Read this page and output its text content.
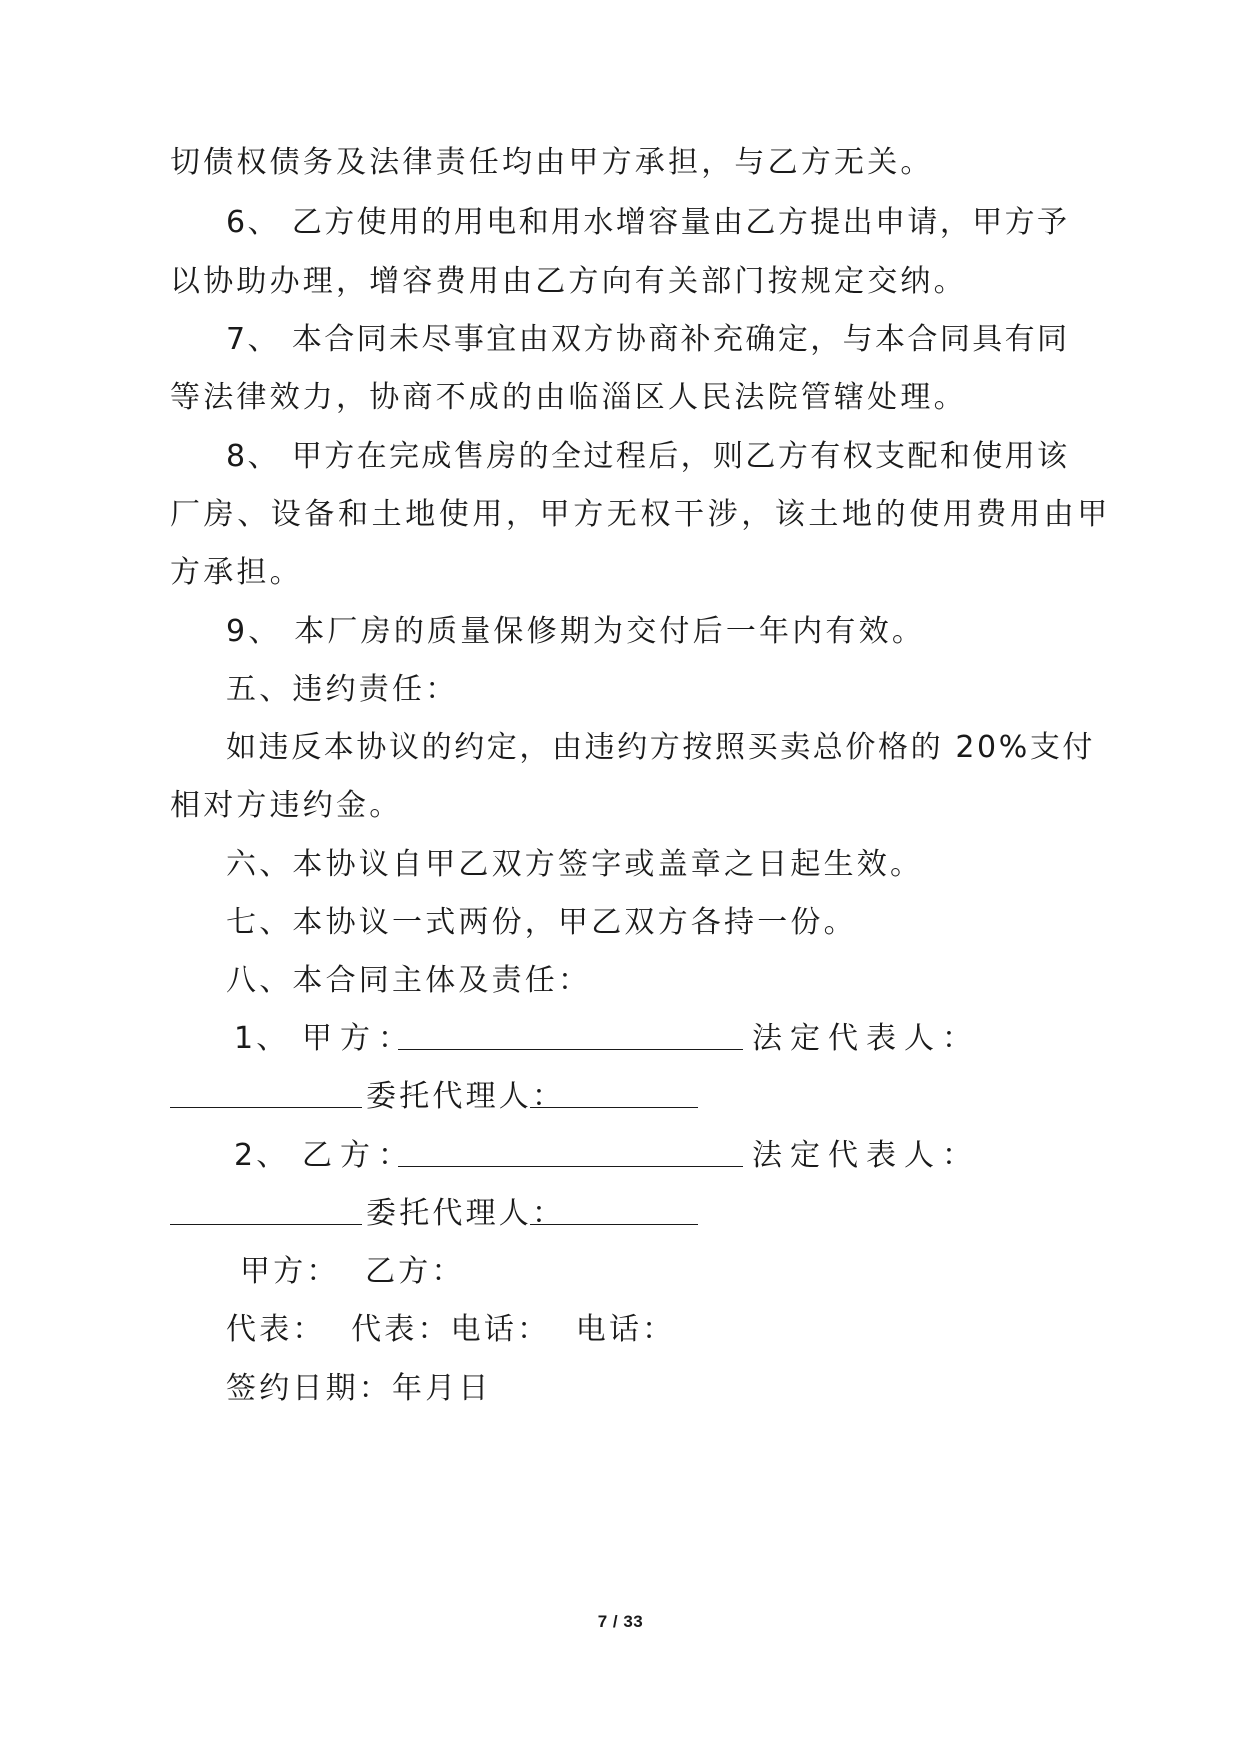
切债权债务及法律责任均由甲方承担，与乙方无关。
6、 乙方使用的用电和用水增容量由乙方提出申请，甲方予
以协助办理，增容费用由乙方向有关部门按规定交纳。
7、 本合同未尽事宜由双方协商补充确定，与本合同具有同
等法律效力，协商不成的由临淄区人民法院管辖处理。
8、 甲方在完成售房的全过程后，则乙方有权支配和使用该
厂房、设备和土地使用，甲方无权干涉，该土地的使用费用由甲
方承担。
9、 本厂房的质量保修期为交付后一年内有效。
五、违约责任：
如违反本协议的约定，由违约方按照买卖总价格的 20%支付
相对方违约金。
六、本协议自甲乙双方签字或盖章之日起生效。
七、本协议一式两份，甲乙双方各持一份。
八、本合同主体及责任：
1、 甲方：	法定代表人：
委托代理人：
2、 乙方：	法定代表人：
委托代理人：
甲方：  乙方：
代表：  代表：电话：  电话：
签约日期：年月日
7 / 33
